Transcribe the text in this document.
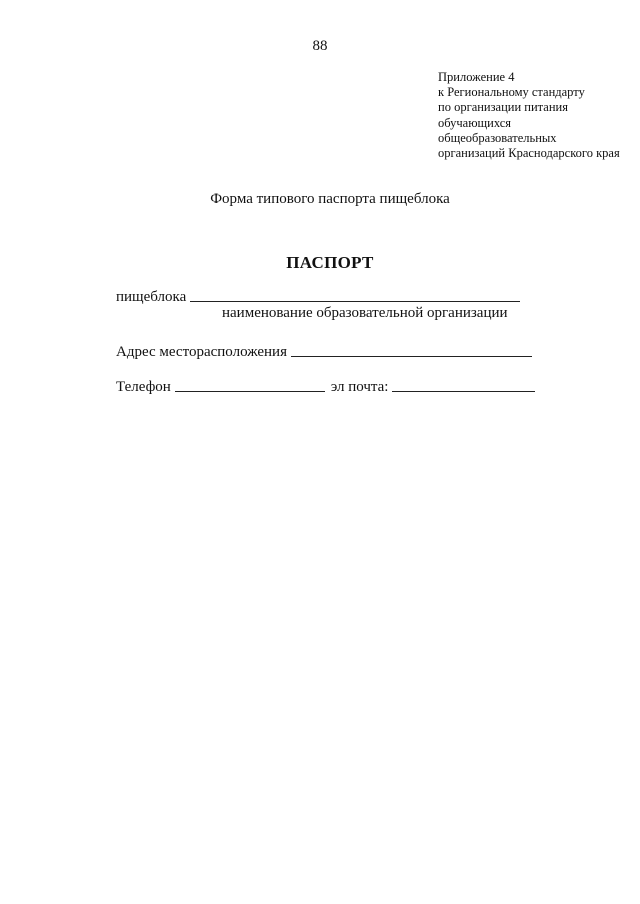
88
Приложение 4
к Региональному стандарту
по организации питания
обучающихся
общеобразовательных
организаций Краснодарского края
Форма типового паспорта пищеблока
ПАСПОРТ
пищеблока
наименование образовательной организации
Адрес месторасположения
Телефон	эл почта:
